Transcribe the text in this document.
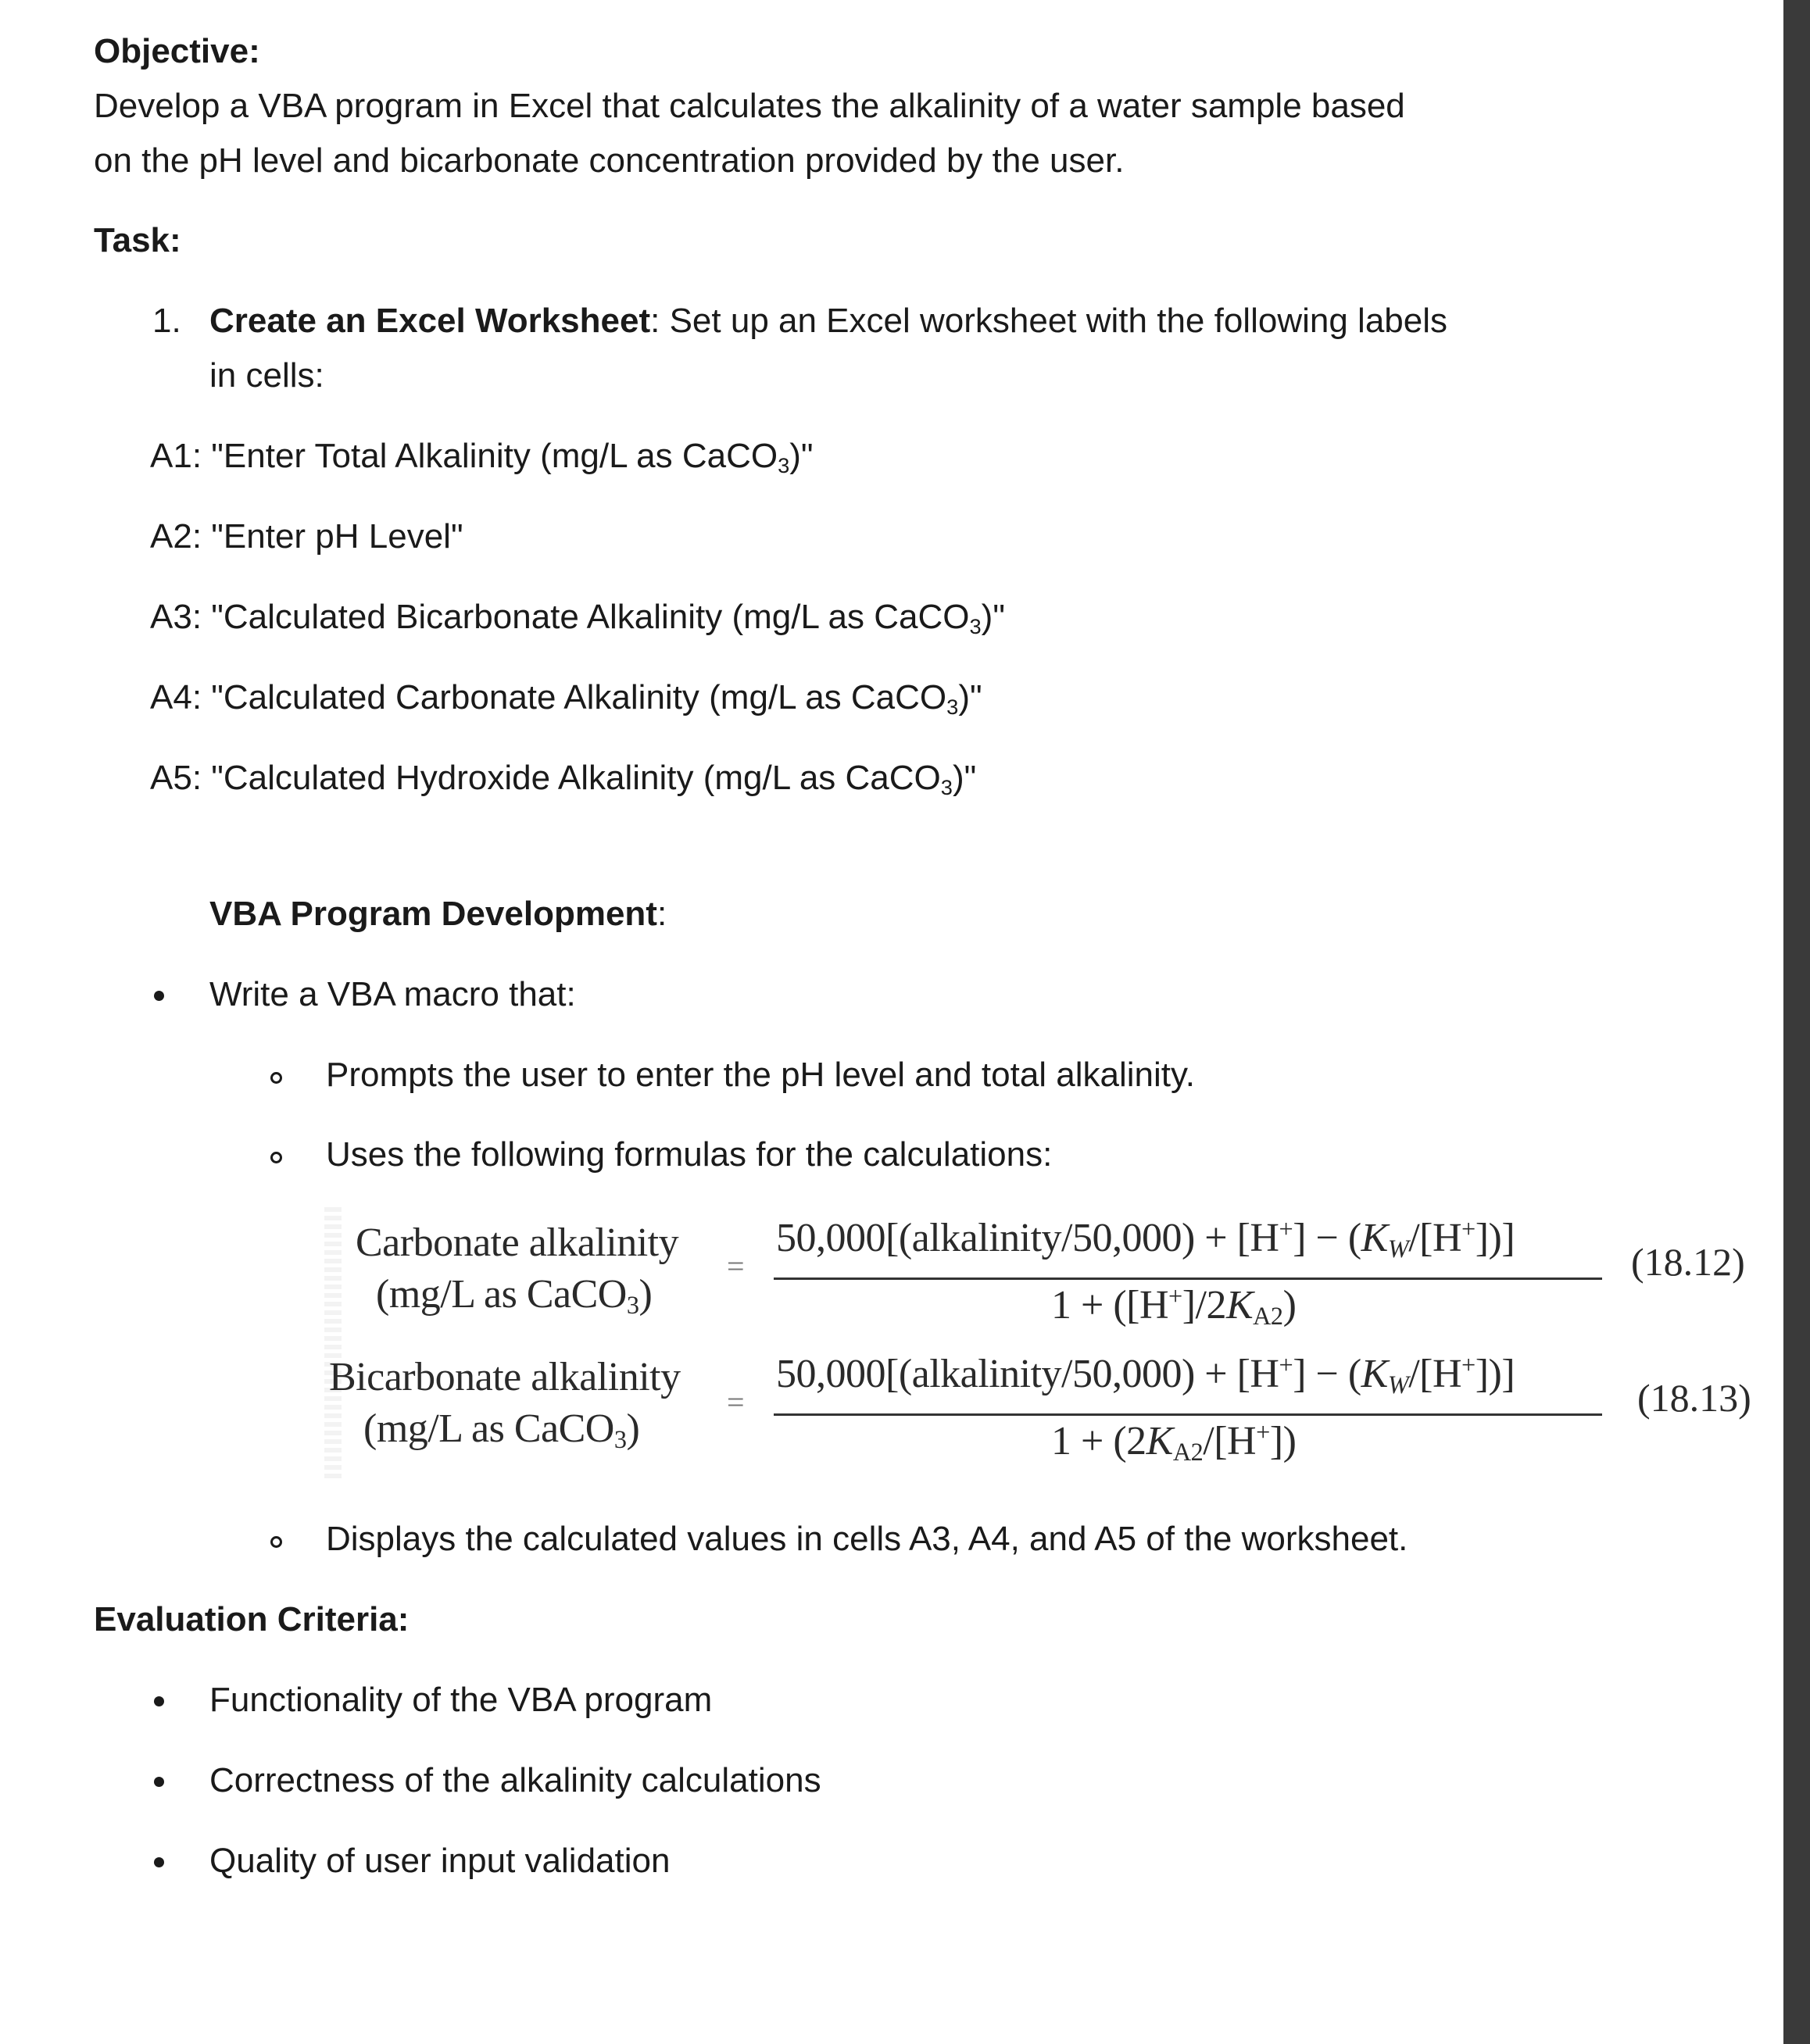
Objective:
Develop a VBA program in Excel that calculates the alkalinity of a water sample based
on the pH level and bicarbonate concentration provided by the user.
Task:
1. Create an Excel Worksheet: Set up an Excel worksheet with the following labels
in cells:
A1: "Enter Total Alkalinity (mg/L as CaCO$_3$)"
A2: "Enter pH Level"
A3: "Calculated Bicarbonate Alkalinity (mg/L as CaCO$_3$)"
A4: "Calculated Carbonate Alkalinity (mg/L as CaCO$_3$)"
A5: "Calculated Hydroxide Alkalinity (mg/L as CaCO$_3$)"
VBA Program Development:
Write a VBA macro that:
Prompts the user to enter the pH level and total alkalinity.
Uses the following formulas for the calculations:
Carbonate alkalinity
(mg/L as CaCO$_3$)
=
50,000[(alkalinity/50,000) + $[H^+] - (K_W/[H^+])$]
$1 + ([H^+]/2K_{A2})$
(18.12)
Bicarbonate alkalinity
(mg/L as CaCO$_3$)
=
50,000[(alkalinity/50,000) + $[H^+] - (K_W/[H^+])$]
$1 + (2K_{A2}/[H^+])$
(18.13)
Displays the calculated values in cells A3, A4, and A5 of the worksheet.
Evaluation Criteria:
Functionality of the VBA program
Correctness of the alkalinity calculations
Quality of user input validation
